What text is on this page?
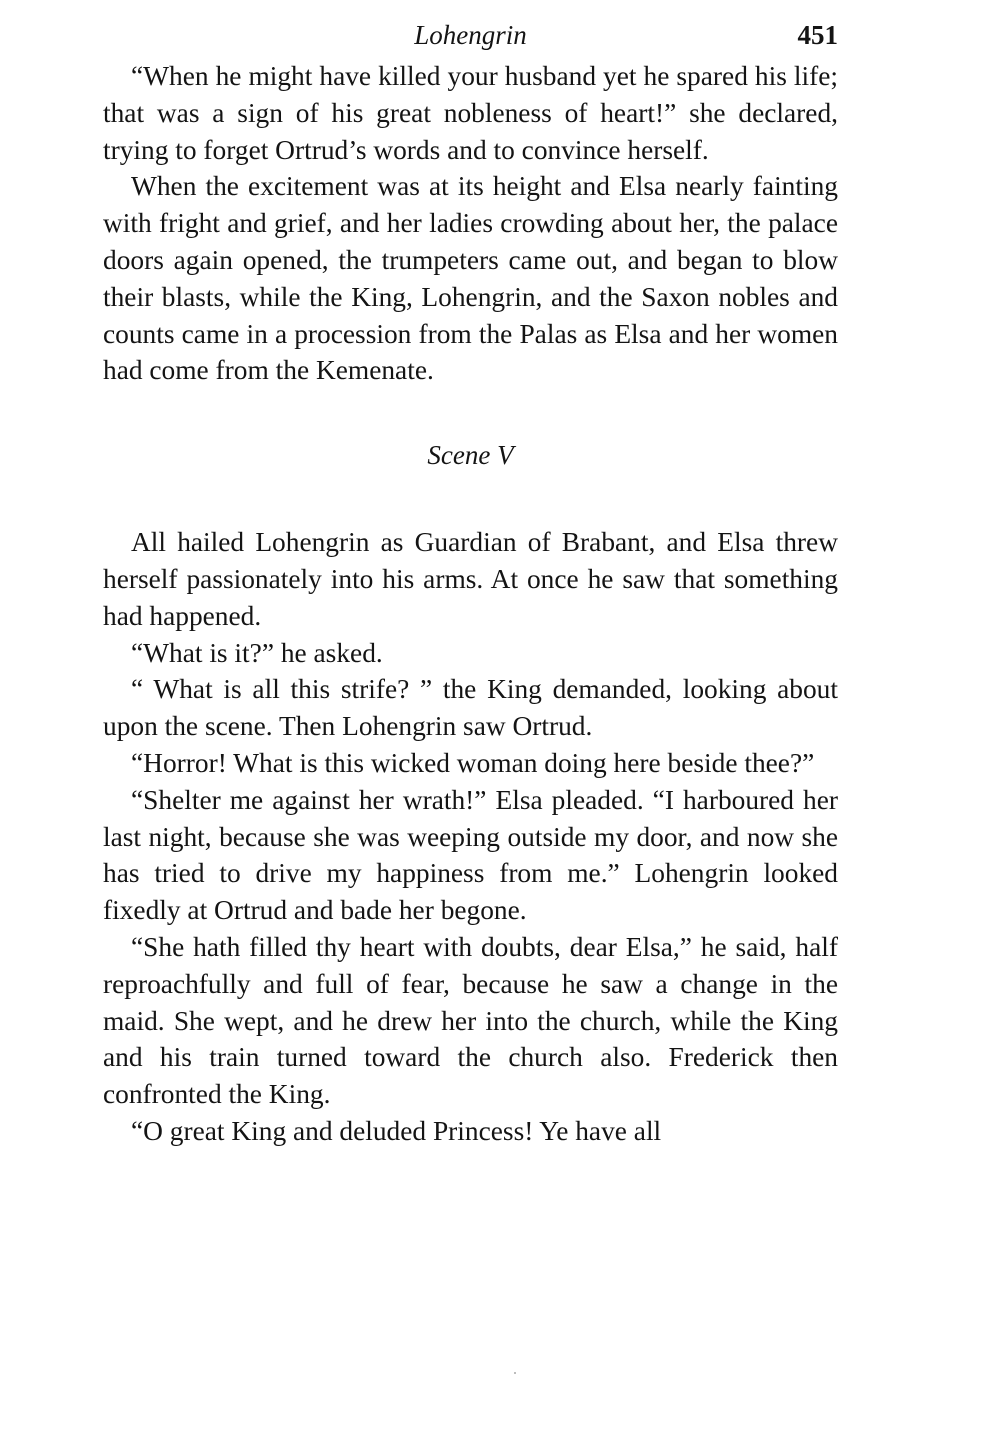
Lohengrin	451

“When he might have killed your husband yet he spared his life; that was a sign of his great nobleness of heart!” she declared, trying to forget Ortrud’s words and to convince herself.

When the excitement was at its height and Elsa nearly fainting with fright and grief, and her ladies crowding about her, the palace doors again opened, the trumpeters came out, and began to blow their blasts, while the King, Lohengrin, and the Saxon nobles and counts came in a procession from the Palas as Elsa and her women had come from the Kemenate.

Scene V

All hailed Lohengrin as Guardian of Brabant, and Elsa threw herself passionately into his arms. At once he saw that something had happened.

“What is it?” he asked.

“ What is all this strife? ” the King demanded, looking about upon the scene. Then Lohengrin saw Ortrud.

“Horror! What is this wicked woman doing here beside thee?”

“Shelter me against her wrath!” Elsa pleaded. “I harboured her last night, because she was weeping outside my door, and now she has tried to drive my happiness from me.” Lohengrin looked fixedly at Ortrud and bade her begone.

“She hath filled thy heart with doubts, dear Elsa,” he said, half reproachfully and full of fear, because he saw a change in the maid. She wept, and he drew her into the church, while the King and his train turned toward the church also. Frederick then confronted the King.

“O great King and deluded Princess! Ye have all
